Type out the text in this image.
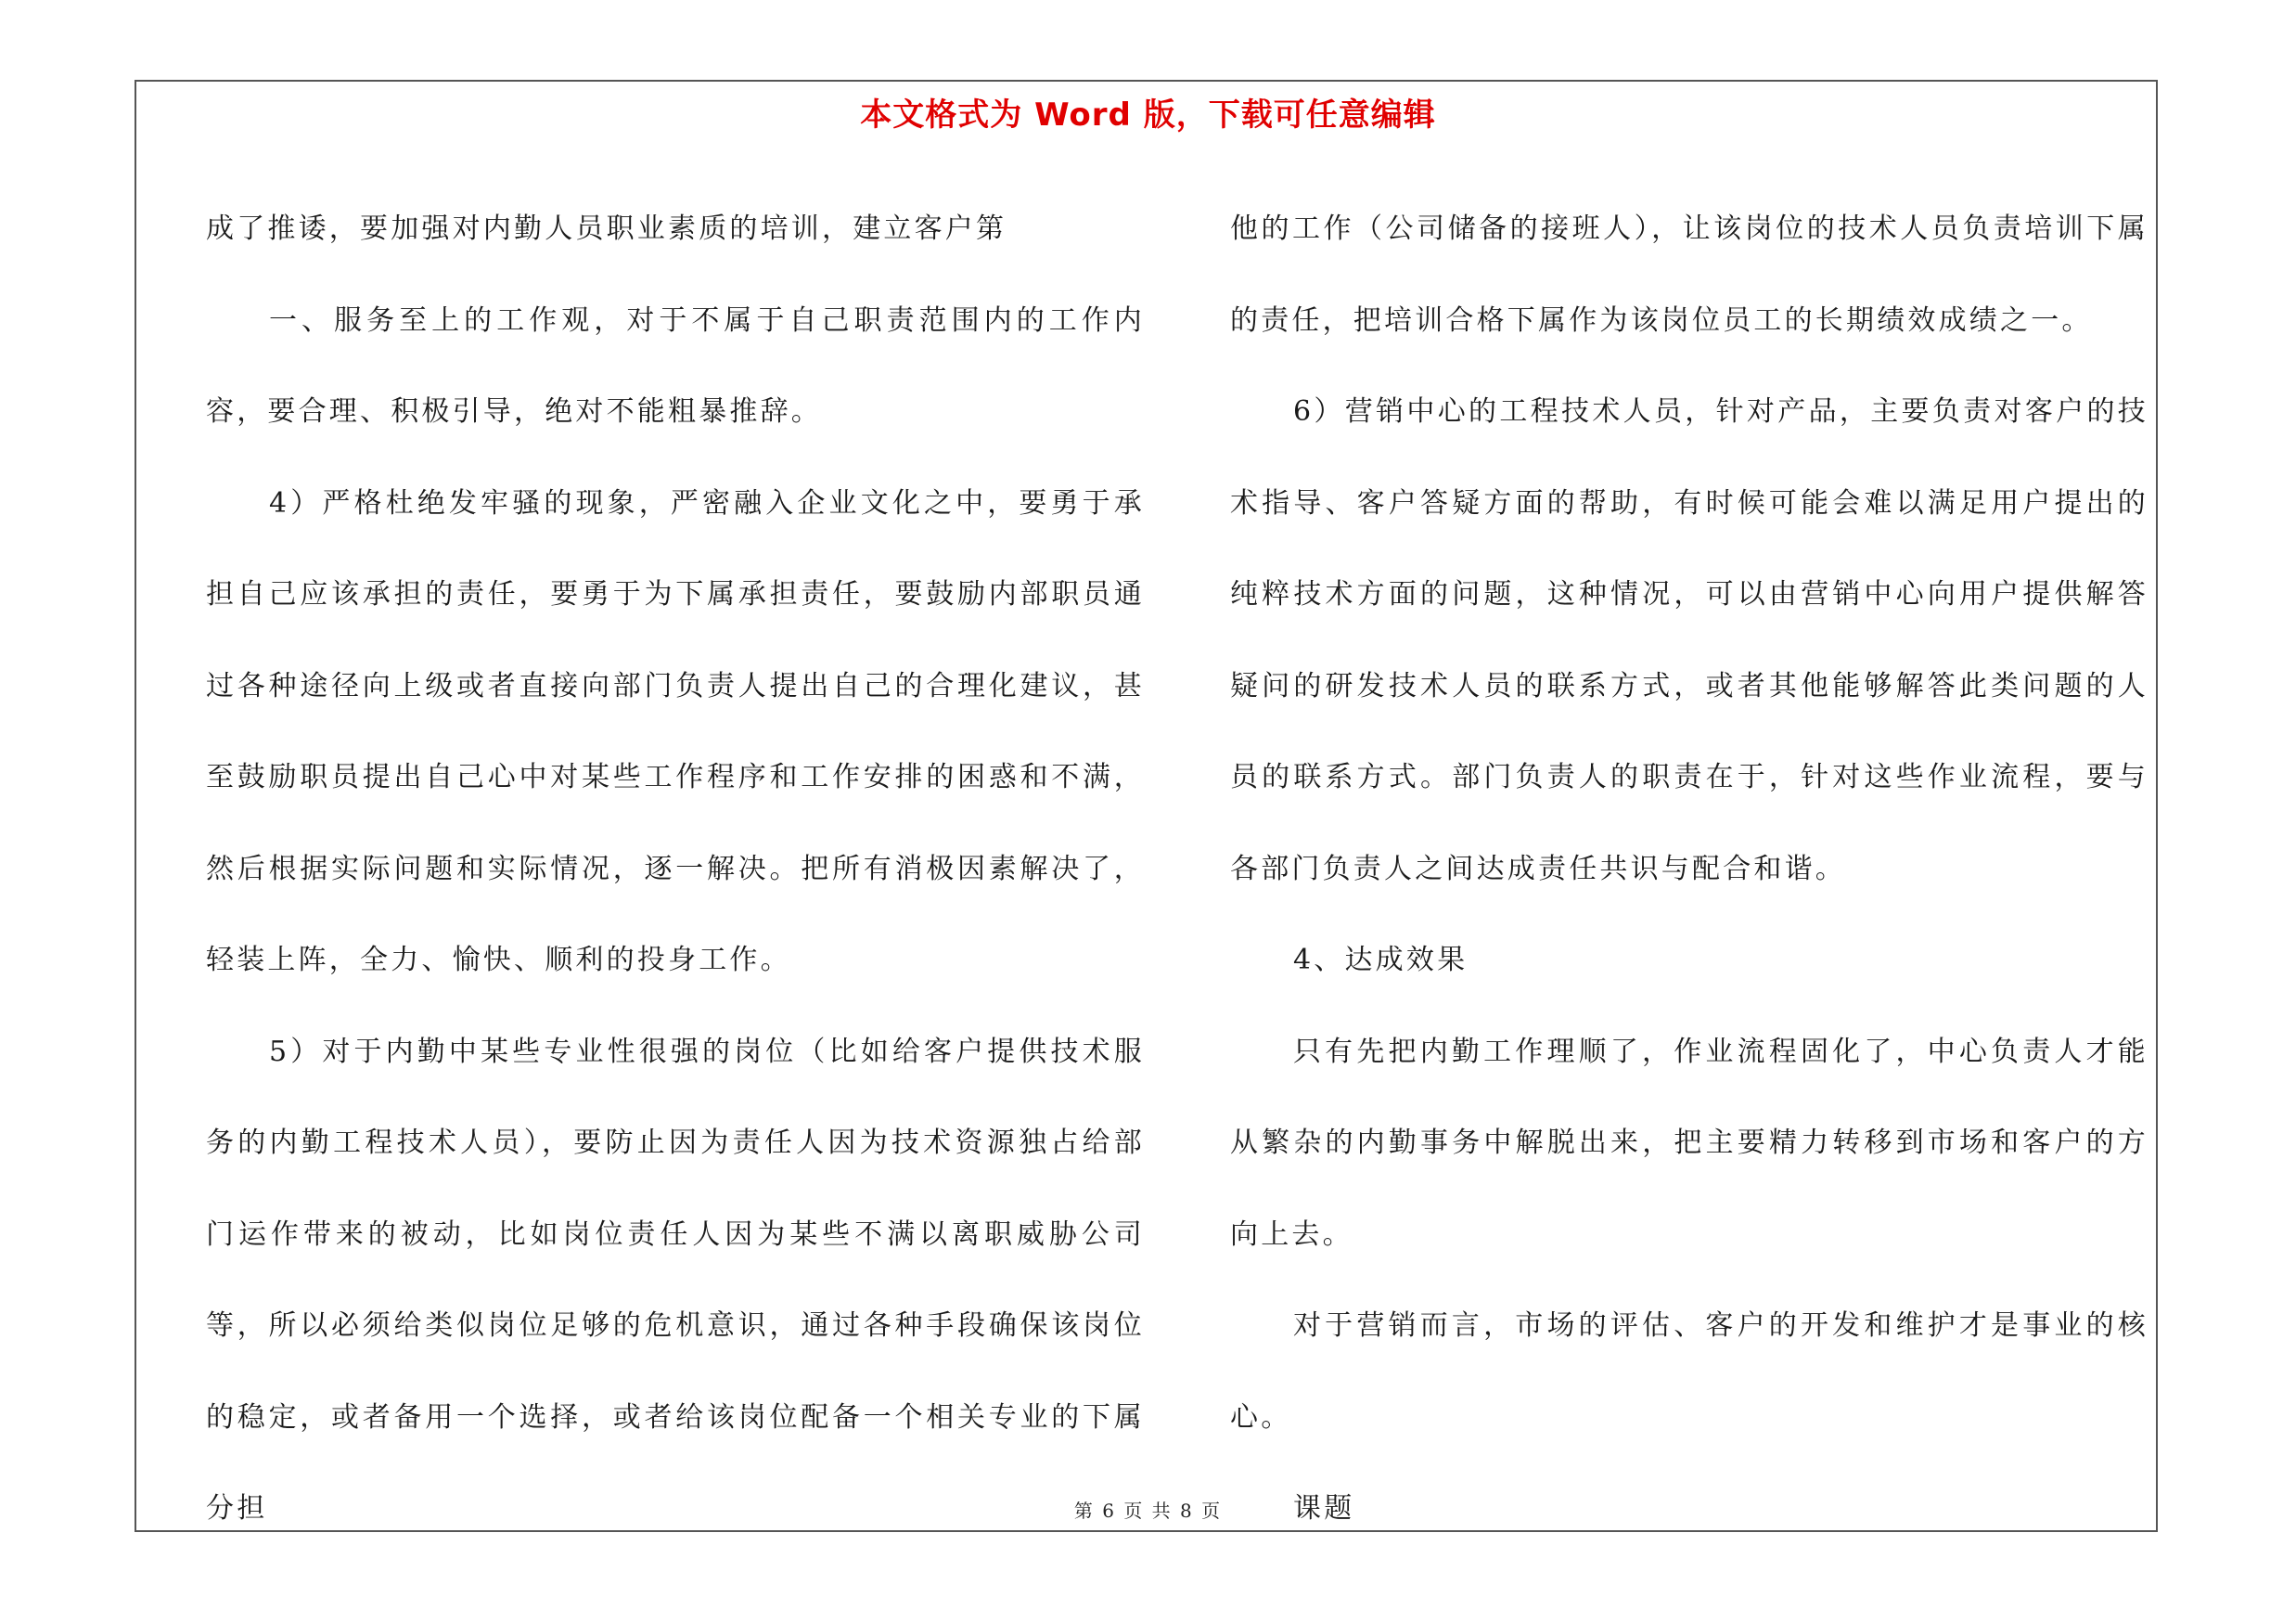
本文格式为 Word 版，下载可任意编辑

成了推诿，要加强对内勤人员职业素质的培训，建立客户第

一、服务至上的工作观，对于不属于自己职责范围内的工作内容，要合理、积极引导，绝对不能粗暴推辞。

4）严格杜绝发牢骚的现象，严密融入企业文化之中，要勇于承担自己应该承担的责任，要勇于为下属承担责任，要鼓励内部职员通过各种途径向上级或者直接向部门负责人提出自己的合理化建议，甚至鼓励职员提出自己心中对某些工作程序和工作安排的困惑和不满，然后根据实际问题和实际情况，逐一解决。把所有消极因素解决了，轻装上阵，全力、愉快、顺利的投身工作。

5）对于内勤中某些专业性很强的岗位（比如给客户提供技术服务的内勤工程技术人员），要防止因为责任人因为技术资源独占给部门运作带来的被动，比如岗位责任人因为某些不满以离职威胁公司等，所以必须给类似岗位足够的危机意识，通过各种手段确保该岗位的稳定，或者备用一个选择，或者给该岗位配备一个相关专业的下属分担

他的工作（公司储备的接班人），让该岗位的技术人员负责培训下属的责任，把培训合格下属作为该岗位员工的长期绩效成绩之一。

6）营销中心的工程技术人员，针对产品，主要负责对客户的技术指导、客户答疑方面的帮助，有时候可能会难以满足用户提出的纯粹技术方面的问题，这种情况，可以由营销中心向用户提供解答疑问的研发技术人员的联系方式，或者其他能够解答此类问题的人员的联系方式。部门负责人的职责在于，针对这些作业流程，要与各部门负责人之间达成责任共识与配合和谐。

4、达成效果

只有先把内勤工作理顺了，作业流程固化了，中心负责人才能从繁杂的内勤事务中解脱出来，把主要精力转移到市场和客户的方向上去。

对于营销而言，市场的评估、客户的开发和维护才是事业的核心。

课题

第 6 页 共 8 页
